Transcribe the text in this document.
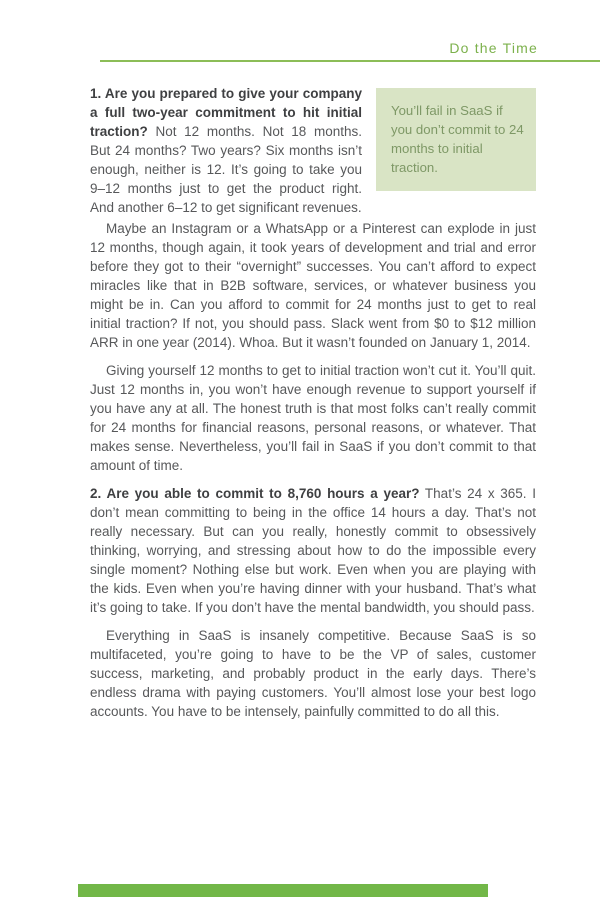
Do the Time

1. Are you prepared to give your company a full two-year commitment to hit initial traction? Not 12 months. Not 18 months. But 24 months? Two years? Six months isn’t enough, neither is 12. It’s going to take you 9–12 months just to get the product right. And another 6–12 to get significant revenues.

You’ll fail in SaaS if you don’t commit to 24 months to initial traction.

Maybe an Instagram or a WhatsApp or a Pinterest can explode in just 12 months, though again, it took years of development and trial and error before they got to their “overnight” successes. You can’t afford to expect miracles like that in B2B software, services, or whatever business you might be in. Can you afford to commit for 24 months just to get to real initial traction? If not, you should pass. Slack went from $0 to $12 million ARR in one year (2014). Whoa. But it wasn’t founded on January 1, 2014.

Giving yourself 12 months to get to initial traction won’t cut it. You’ll quit. Just 12 months in, you won’t have enough revenue to support yourself if you have any at all. The honest truth is that most folks can’t really commit for 24 months for financial reasons, personal reasons, or whatever. That makes sense. Nevertheless, you’ll fail in SaaS if you don’t commit to that amount of time.

2. Are you able to commit to 8,760 hours a year? That’s 24 x 365. I don’t mean committing to being in the office 14 hours a day. That’s not really necessary. But can you really, honestly commit to obsessively thinking, worrying, and stressing about how to do the impossible every single moment? Nothing else but work. Even when you are playing with the kids. Even when you’re having dinner with your husband. That’s what it’s going to take. If you don’t have the mental bandwidth, you should pass.

Everything in SaaS is insanely competitive. Because SaaS is so multifaceted, you’re going to have to be the VP of sales, customer success, marketing, and probably product in the early days. There’s endless drama with paying customers. You’ll almost lose your best logo accounts. You have to be intensely, painfully committed to do all this.
